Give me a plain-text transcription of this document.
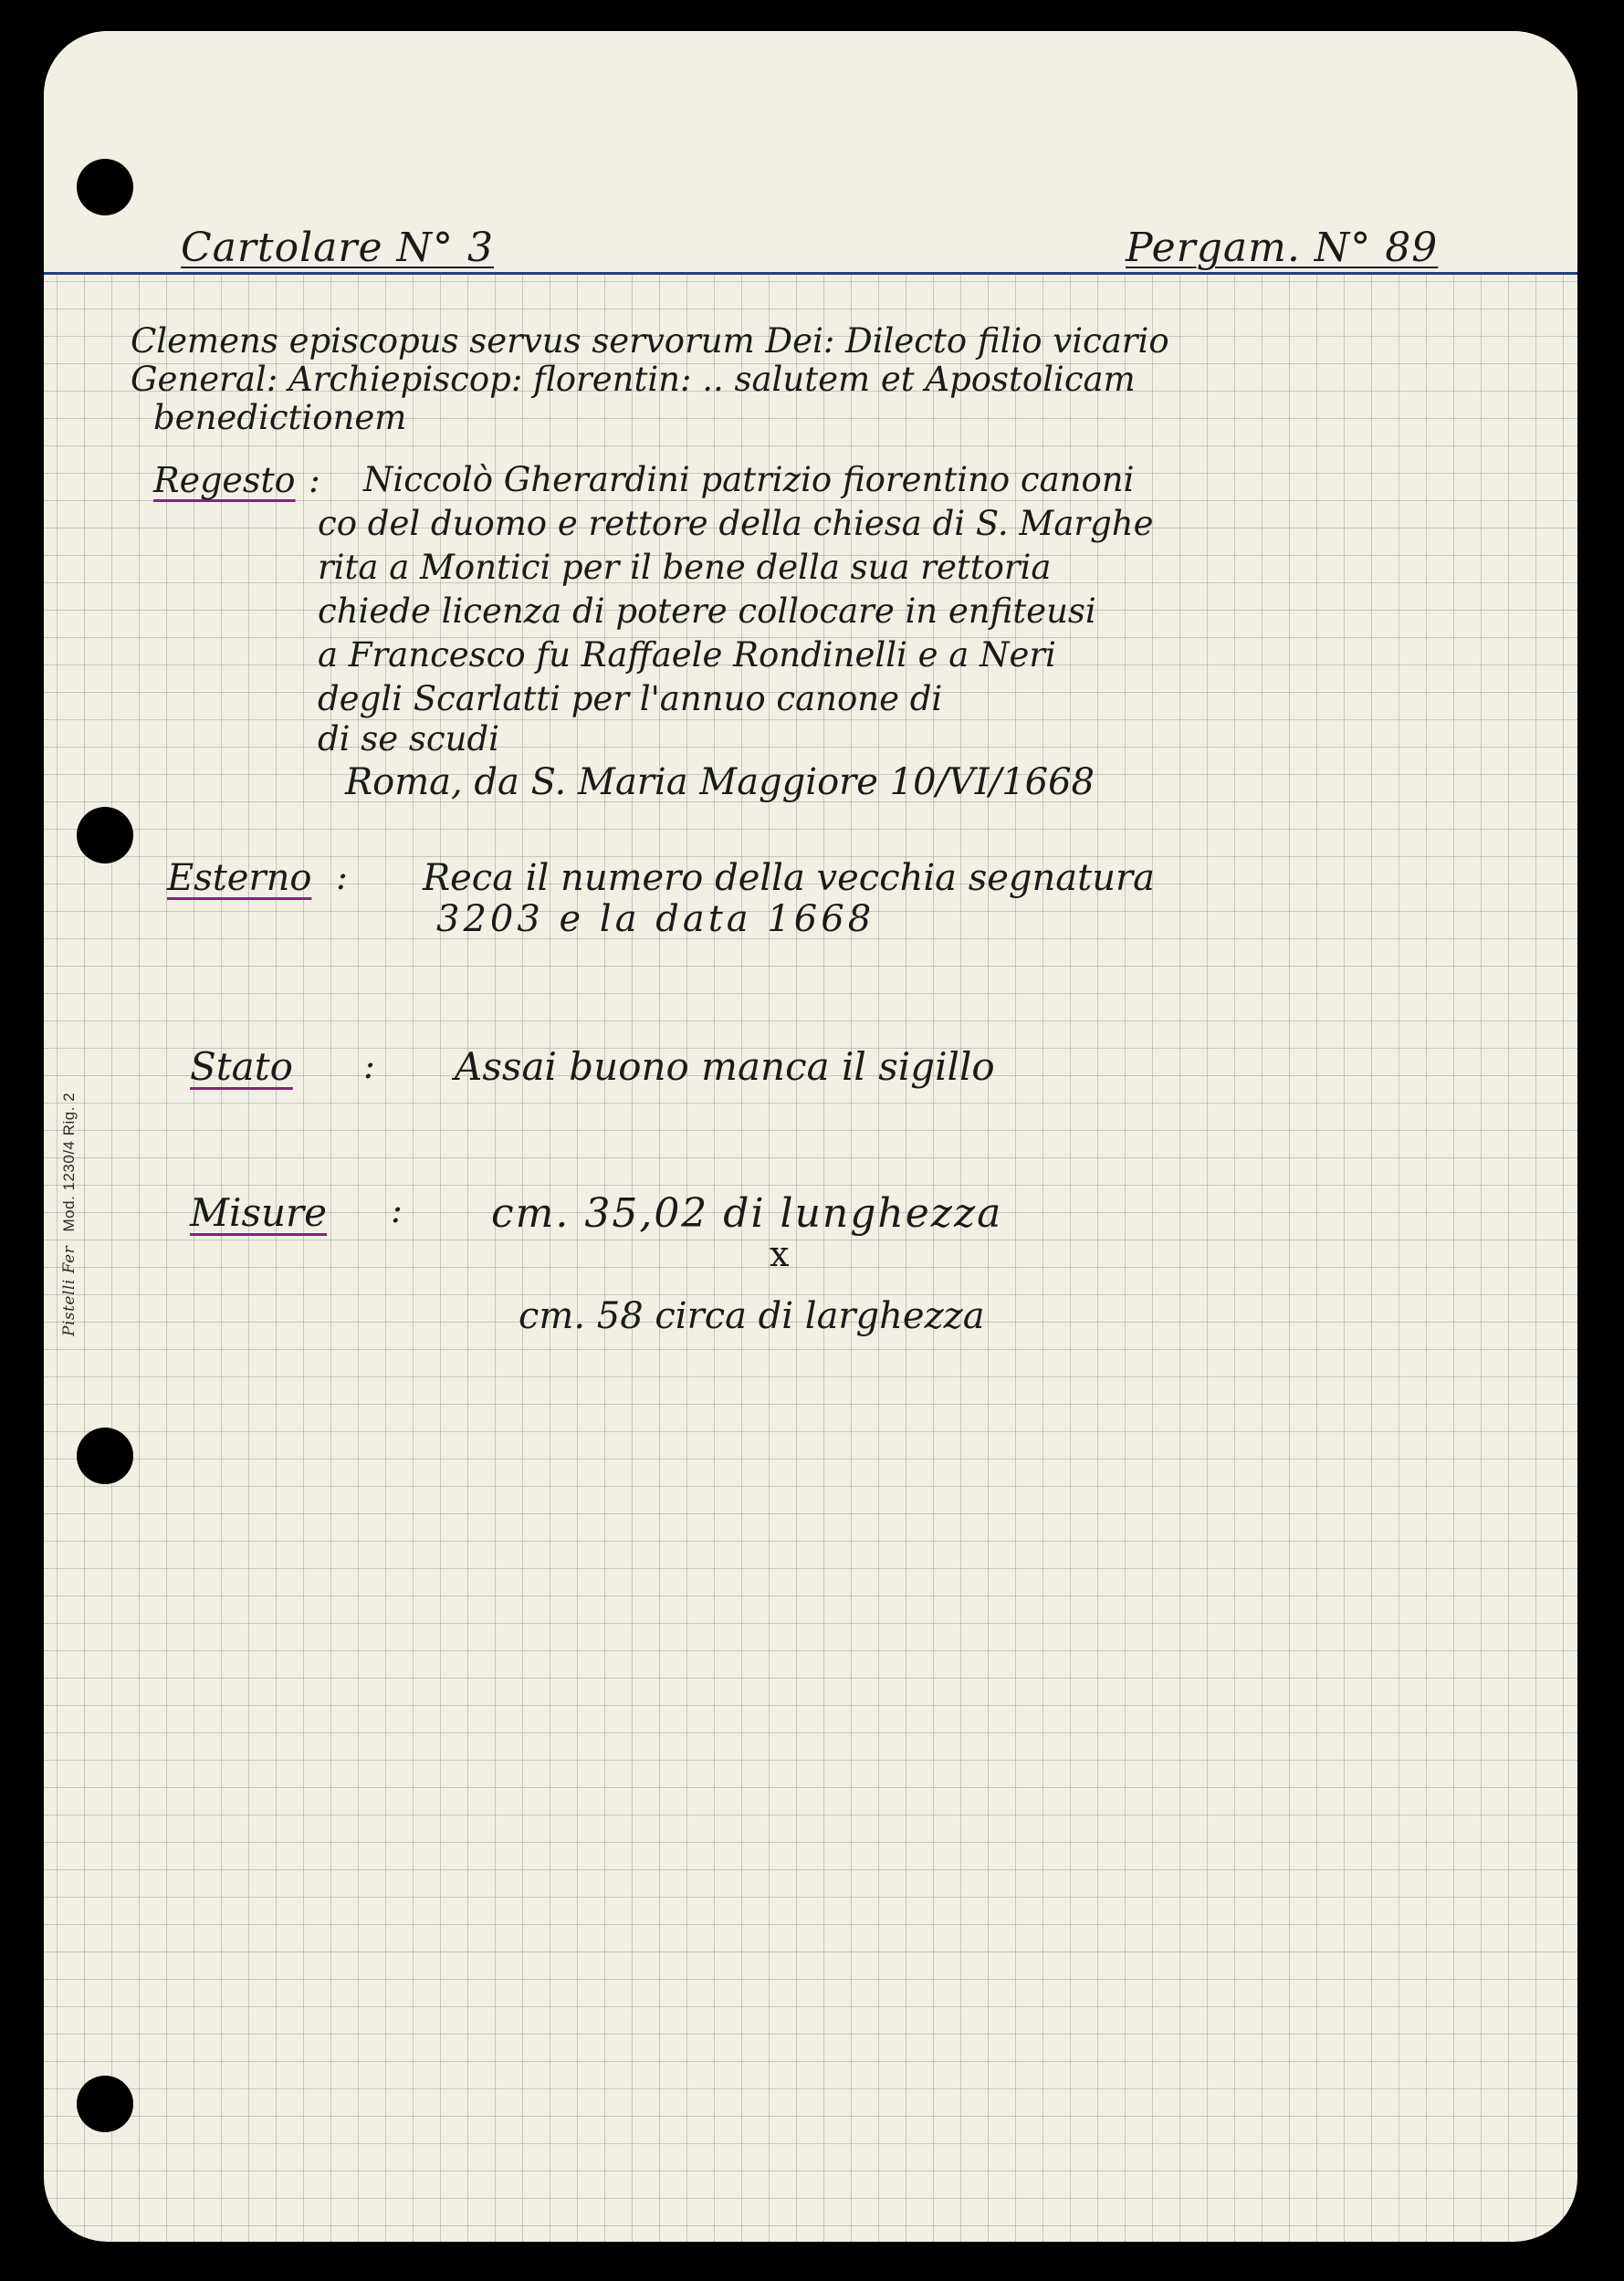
Cartolare N° 3	Pergam. N° 89
Clemens episcopus servus servorum Dei: Dilecto filio vicario
General: Archiepiscop: florentin: .. salutem et Apostolicam
benedictionem
Regesto : Niccolò Gherardini patrizio fiorentino canoni
co del duomo e rettore della chiesa di S. Marghe
rita a Montici per il bene della sua rettoria
chiede licenza di potere collocare in enfiteusi
a Francesco fu Raffaele Rondinelli e a Neri
degli Scarlatti per l'annuo canone di
di se scudi
Roma, da S. Maria Maggiore 10/VI/1668
Esterno : Reca il numero della vecchia segnatura
3203 e la data 1668
Stato : Assai buono manca il sigillo
Misure : cm. 35,02 di lunghezza
x
cm. 58 circa di larghezza
Pistelli Fer Mod. 1230/4 Rig. 2
